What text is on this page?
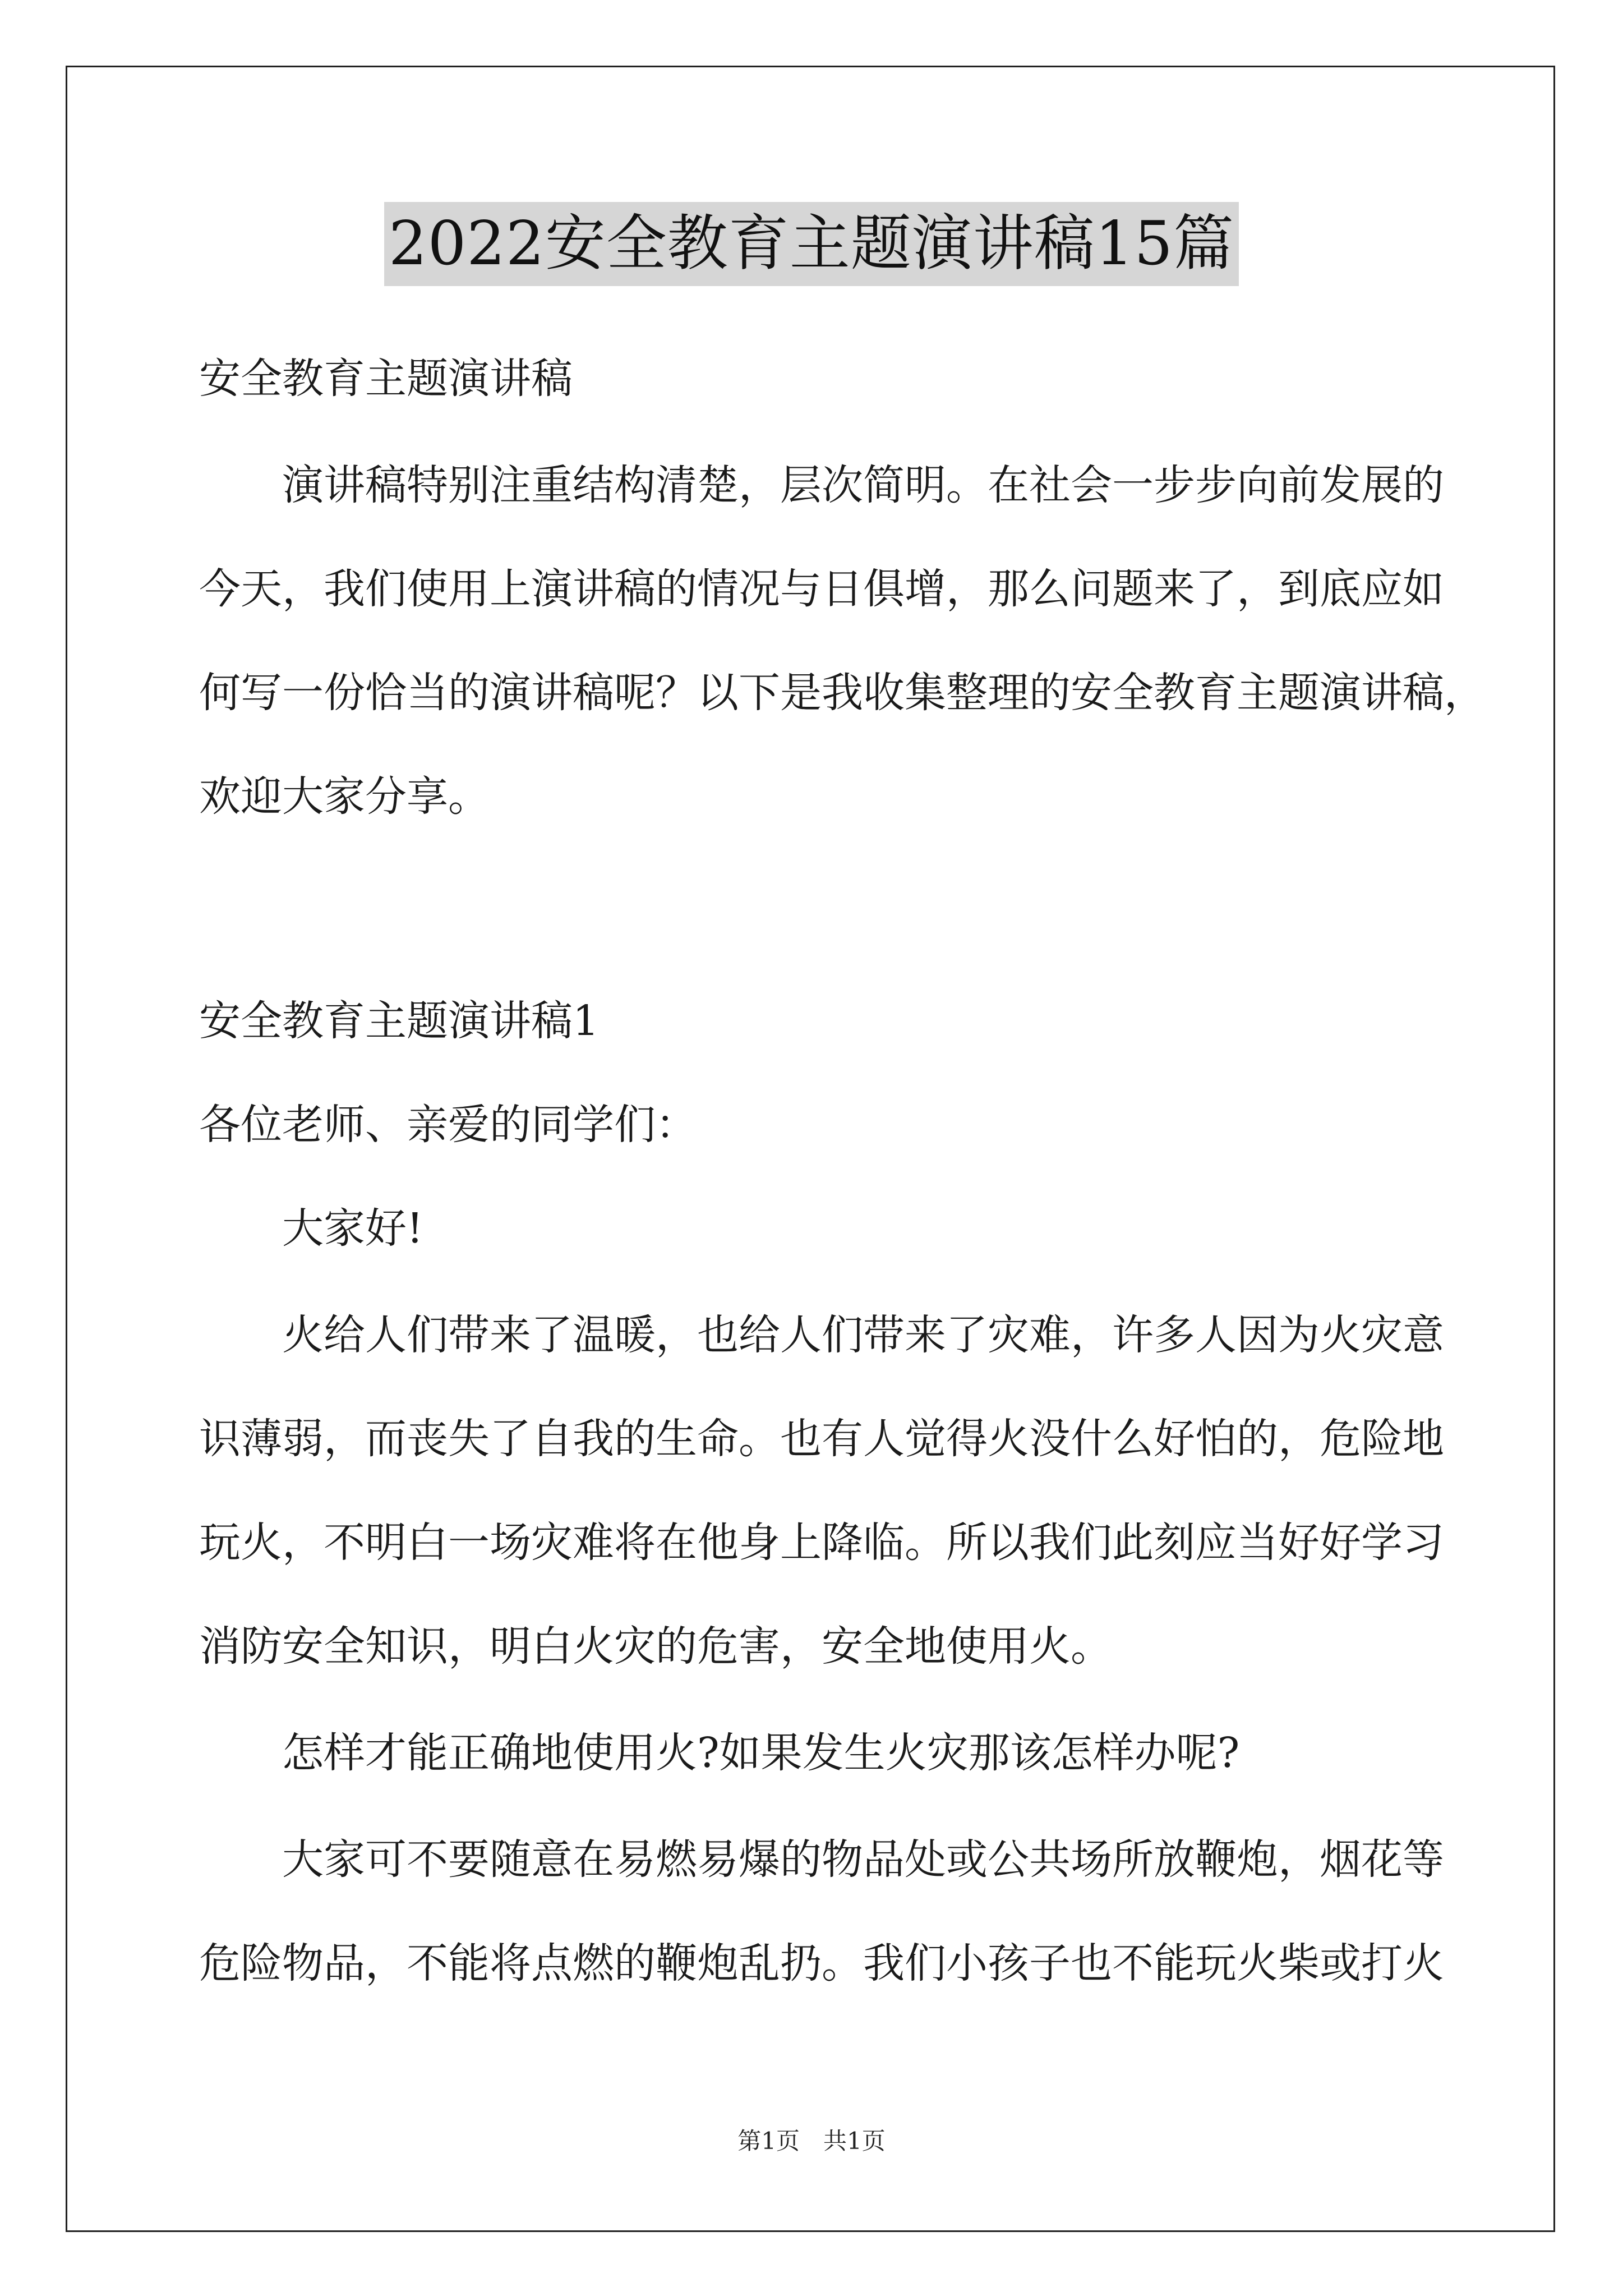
2022安全教育主题演讲稿15篇
安全教育主题演讲稿
演讲稿特别注重结构清楚，层次简明。在社会一步步向前发展的
今天，我们使用上演讲稿的情况与日俱增，那么问题来了，到底应如
何写一份恰当的演讲稿呢？以下是我收集整理的安全教育主题演讲稿，
欢迎大家分享。
安全教育主题演讲稿1
各位老师、亲爱的同学们：
大家好!
火给人们带来了温暖，也给人们带来了灾难，许多人因为火灾意
识薄弱，而丧失了自我的生命。也有人觉得火没什么好怕的，危险地
玩火，不明白一场灾难将在他身上降临。所以我们此刻应当好好学习
消防安全知识，明白火灾的危害，安全地使用火。
怎样才能正确地使用火?如果发生火灾那该怎样办呢?
大家可不要随意在易燃易爆的物品处或公共场所放鞭炮，烟花等
危险物品，不能将点燃的鞭炮乱扔。我们小孩子也不能玩火柴或打火
第1页　共1页
